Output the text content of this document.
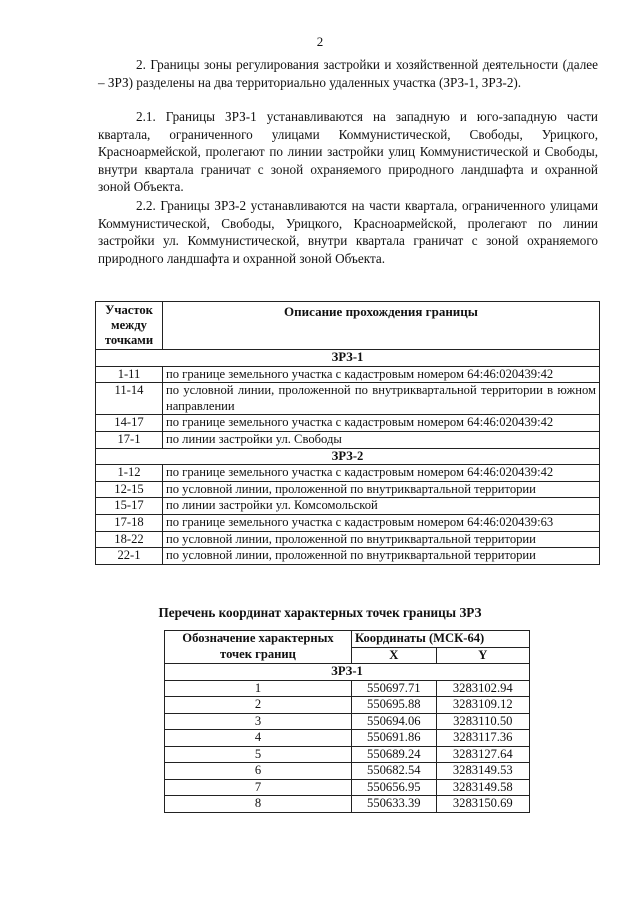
2

2. Границы зоны регулирования застройки и хозяйственной деятельности (далее – ЗРЗ) разделены на два территориально удаленных участка (ЗРЗ-1, ЗРЗ-2).

2.1. Границы ЗРЗ-1 устанавливаются на западную и юго-западную части квартала, ограниченного улицами Коммунистической, Свободы, Урицкого, Красноармейской, пролегают по линии застройки улиц Коммунистической и Свободы, внутри квартала граничат с зоной охраняемого природного ландшафта и охранной зоной Объекта.

2.2. Границы ЗРЗ-2 устанавливаются на части квартала, ограниченного улицами Коммунистической, Свободы, Урицкого, Красноармейской, пролегают по линии застройки ул. Коммунистической, внутри квартала граничат с зоной охраняемого природного ландшафта и охранной зоной Объекта.

Участок между точками	Описание прохождения границы
ЗРЗ-1	
1-11	по границе земельного участка с кадастровым номером 64:46:020439:42
11-14	по условной линии, проложенной по внутриквартальной территории в южном направлении
14-17	по границе земельного участка с кадастровым номером 64:46:020439:42
17-1	по линии застройки ул. Свободы
ЗРЗ-2	
1-12	по границе земельного участка с кадастровым номером 64:46:020439:42
12-15	по условной линии, проложенной по внутриквартальной территории
15-17	по линии застройки ул. Комсомольской
17-18	по границе земельного участка с кадастровым номером 64:46:020439:63
18-22	по условной линии, проложенной по внутриквартальной территории
22-1	по условной линии, проложенной по внутриквартальной территории
Перечень координат характерных точек границы ЗРЗ
Обозначение характерных точек границ	Координаты (МСК-64)	
	X	Y
ЗРЗ-1		
1	550697.71	3283102.94
2	550695.88	3283109.12
3	550694.06	3283110.50
4	550691.86	3283117.36
5	550689.24	3283127.64
6	550682.54	3283149.53
7	550656.95	3283149.58
8	550633.39	3283150.69
